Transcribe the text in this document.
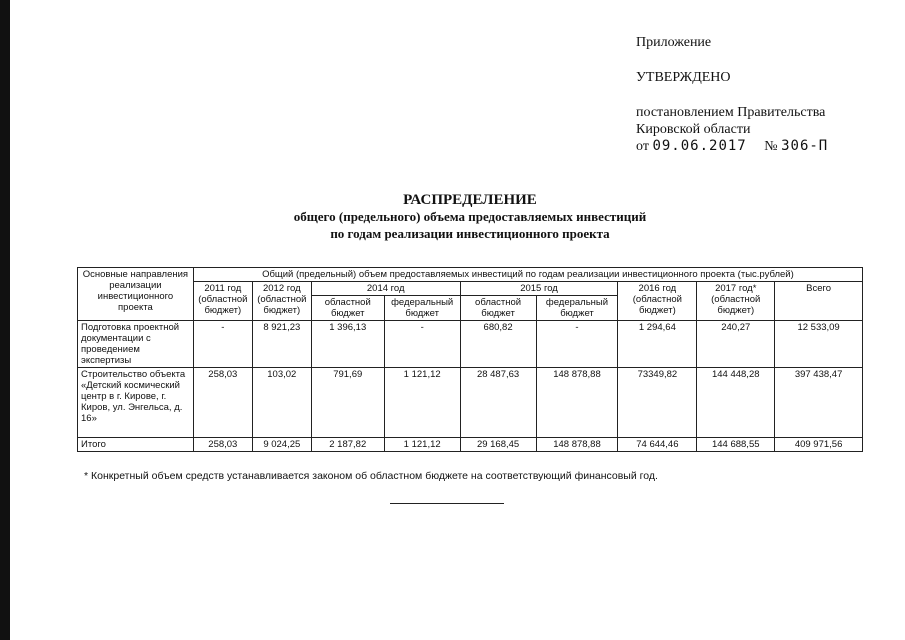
Приложение
УТВЕРЖДЕНО
постановлением Правительства
Кировской области
от 09.06.2017 № 306-П
РАСПРЕДЕЛЕНИЕ
общего (предельного) объема предоставляемых инвестиций
по годам реализации инвестиционного проекта
Основные направления реализации инвестиционного проекта	Общий (предельный) объем предоставляемых инвестиций по годам реализации инвестиционного проекта (тыс.рублей)								
	2011 год (областной бюджет)	2012 год (областной бюджет)	2014 год		2015 год		2016 год (областной бюджет)	2017 год* (областной бюджет)	Всего
			областной бюджет	федеральный бюджет	областной бюджет	федеральный бюджет			
Подготовка проектной документации с проведением экспертизы	-	8 921,23	1 396,13	-	680,82	-	1 294,64	240,27	12 533,09
Строительство объекта «Детский космический центр в г. Кирове, г. Киров, ул. Энгельса, д. 16»	258,03	103,02	791,69	1 121,12	28 487,63	148 878,88	73349,82	144 448,28	397 438,47
Итого	258,03	9 024,25	2 187,82	1 121,12	29 168,45	148 878,88	74 644,46	144 688,55	409 971,56
* Конкретный объем средств устанавливается законом об областном бюджете на соответствующий финансовый год.
